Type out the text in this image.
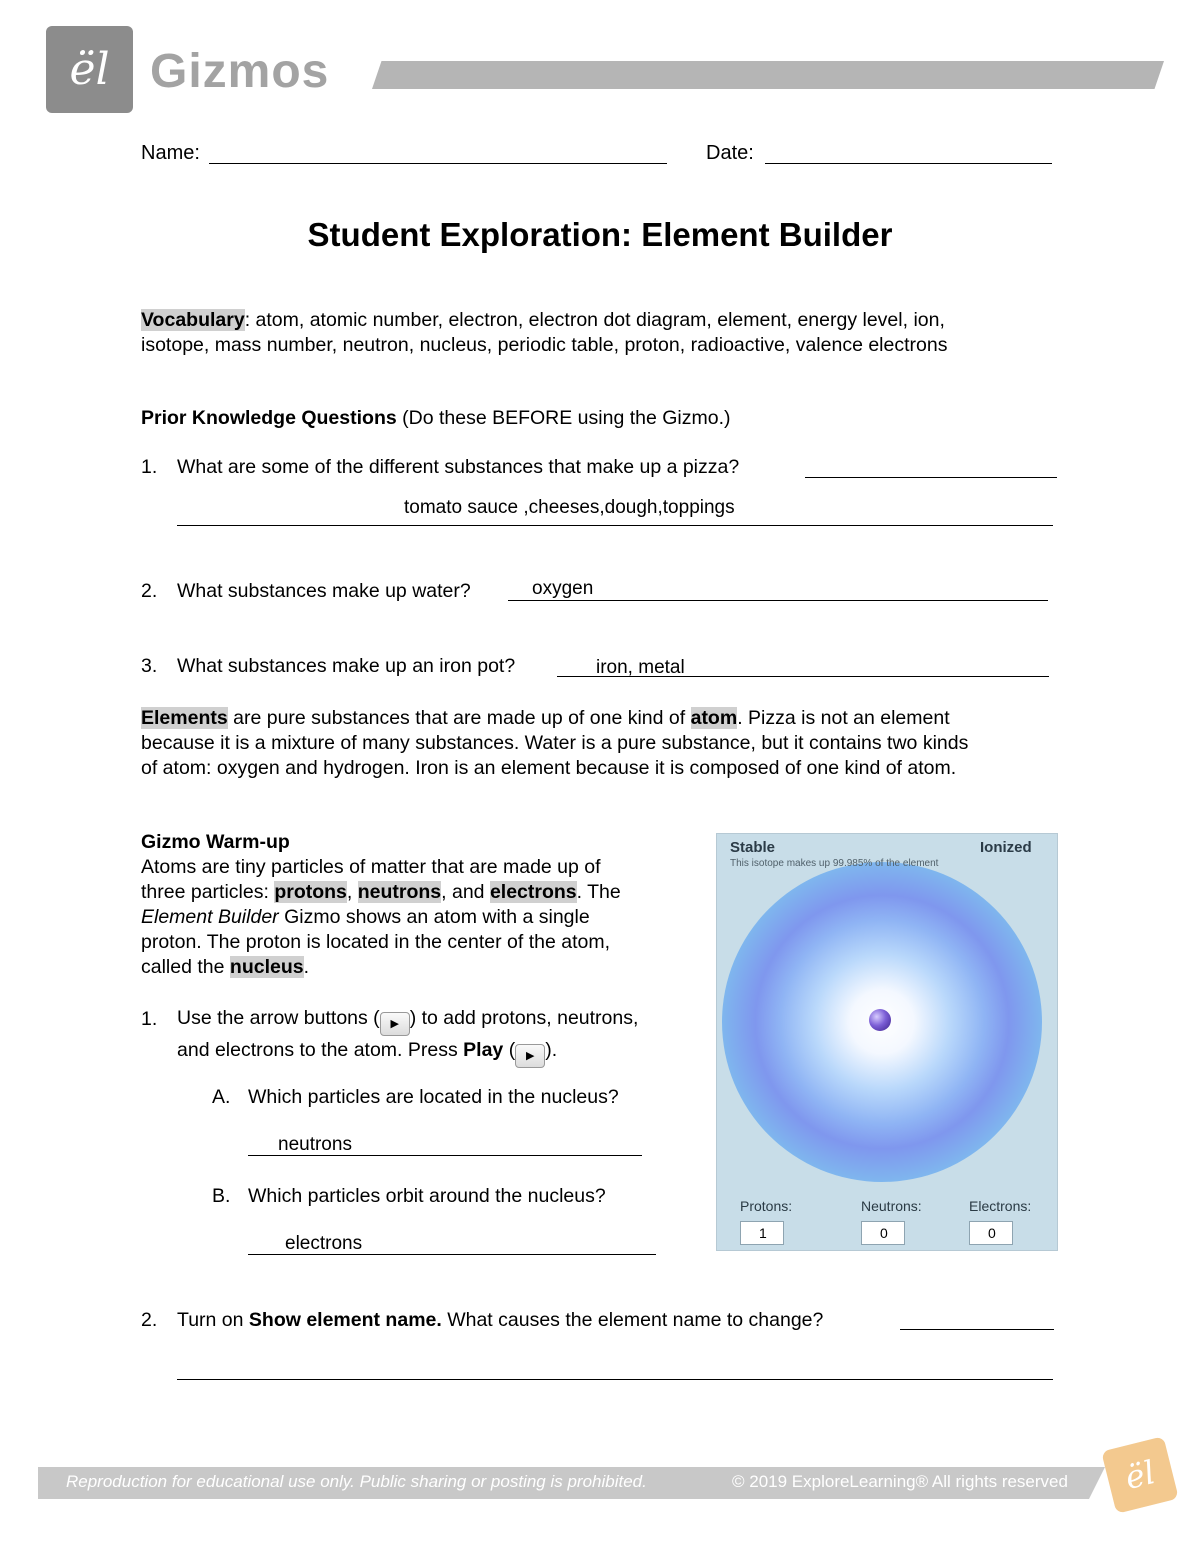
ël Gizmos
Name:	Date:
Student Exploration: Element Builder
Vocabulary: atom, atomic number, electron, electron dot diagram, element, energy level, ion,
isotope, mass number, neutron, nucleus, periodic table, proton, radioactive, valence electrons
Prior Knowledge Questions (Do these BEFORE using the Gizmo.)
1. What are some of the different substances that make up a pizza?
tomato sauce ,cheeses,dough,toppings
2. What substances make up water?	oxygen
3. What substances make up an iron pot?	iron, metal
Elements are pure substances that are made up of one kind of atom. Pizza is not an element
because it is a mixture of many substances. Water is a pure substance, but it contains two kinds
of atom: oxygen and hydrogen. Iron is an element because it is composed of one kind of atom.
Gizmo Warm-up
Atoms are tiny particles of matter that are made up of
three particles: protons, neutrons, and electrons. The
Element Builder Gizmo shows an atom with a single
proton. The proton is located in the center of the atom,
called the nucleus.
1. Use the arrow buttons ( ▶ ) to add protons, neutrons,
and electrons to the atom. Press Play ( ▶ ).
A. Which particles are located in the nucleus?
neutrons
B. Which particles orbit around the nucleus?
electrons
2. Turn on Show element name. What causes the element name to change?
Stable	Ionized
This isotope makes up 99.985% of the element
Protons:	Neutrons:	Electrons:
1	0	0
Reproduction for educational use only. Public sharing or posting is prohibited.	© 2019 ExploreLearning® All rights reserved	ël
